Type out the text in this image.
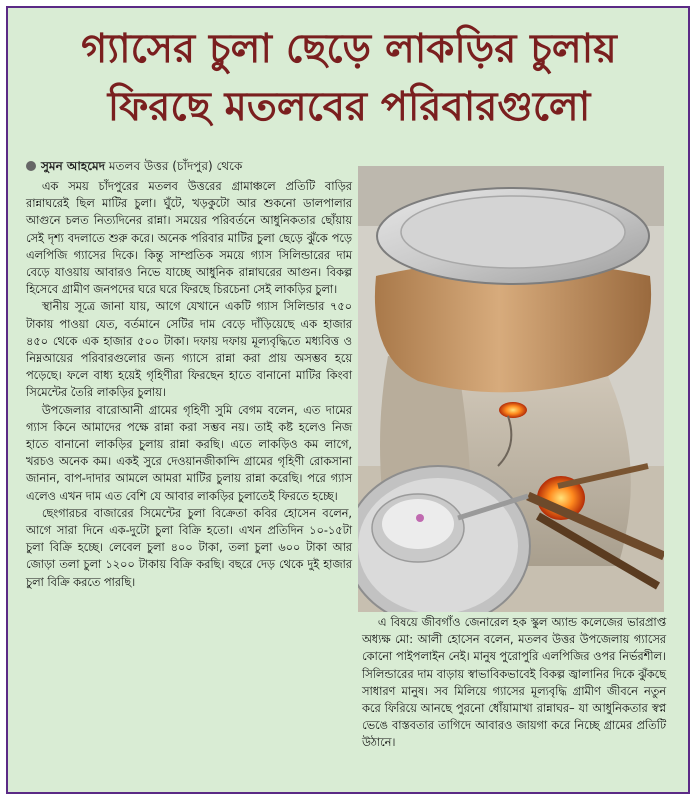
গ্যাসের চুলা ছেড়ে লাকড়ির চুলায়
ফিরছে মতলবের পরিবারগুলো
সুমন আহমেদ মতলব উত্তর (চাঁদপুর) থেকে

এক সময় চাঁদপুরের মতলব উত্তরের গ্রামাঞ্চলে প্রতিটি বাড়ির রান্নাঘরেই ছিল মাটির চুলা। ঘুঁটে, খড়কুটো আর শুকনো ডালপালার আগুনে চলত নিত্যদিনের রান্না। সময়ের পরিবর্তনে আধুনিকতার ছোঁয়ায় সেই দৃশ্য বদলাতে শুরু করে। অনেক পরিবার মাটির চুলা ছেড়ে ঝুঁকে পড়ে এলপিজি গ্যাসের দিকে। কিন্তু সাম্প্রতিক সময়ে গ্যাস সিলিন্ডারের দাম বেড়ে যাওয়ায় আবারও নিভে যাচ্ছে আধুনিক রান্নাঘরের আগুন। বিকল্প হিসেবে গ্রামীণ জনপদের ঘরে ঘরে ফিরছে চিরচেনা সেই লাকড়ির চুলা।

স্থানীয় সূত্রে জানা যায়, আগে যেখানে একটি গ্যাস সিলিন্ডার ৭৫০ টাকায় পাওয়া যেত, বর্তমানে সেটির দাম বেড়ে দাঁড়িয়েছে এক হাজার ৪৫০ থেকে এক হাজার ৫০০ টাকা। দফায় দফায় মূল্যবৃদ্ধিতে মধ্যবিত্ত ও নিম্নআয়ের পরিবারগুলোর জন্য গ্যাসে রান্না করা প্রায় অসম্ভব হয়ে পড়েছে। ফলে বাধ্য হয়েই গৃহিণীরা ফিরছেন হাতে বানানো মাটির কিংবা সিমেন্টের তৈরি লাকড়ির চুলায়।

উপজেলার বারোআনী গ্রামের গৃহিণী সুমি বেগম বলেন, এত দামের গ্যাস কিনে আমাদের পক্ষে রান্না করা সম্ভব নয়। তাই কষ্ট হলেও নিজ হাতে বানানো লাকড়ির চুলায় রান্না করছি। এতে লাকড়িও কম লাগে, খরচও অনেক কম। একই সুরে দেওয়ানজীকান্দি গ্রামের গৃহিণী রোকসানা জানান, বাপ-দাদার আমলে আমরা মাটির চুলায় রান্না করেছি। পরে গ্যাস এলেও এখন দাম এত বেশি যে আবার লাকড়ির চুলাতেই ফিরতে হচ্ছে।

ছেংগারচর বাজারের সিমেন্টের চুলা বিক্রেতা কবির হোসেন বলেন, আগে সারা দিনে এক-দুটো চুলা বিক্রি হতো। এখন প্রতিদিন ১০-১৫টা চুলা বিক্রি হচ্ছে। লেবেল চুলা ৪০০ টাকা, তলা চুলা ৬০০ টাকা আর জোড়া তলা চুলা ১২০০ টাকায় বিক্রি করছি। বছরে দেড় থেকে দুই হাজার চুলা বিক্রি করতে পারছি।

এ বিষয়ে জীবগাঁও জেনারেল হক স্কুল অ্যান্ড কলেজের ভারপ্রাপ্ত অধ্যক্ষ মো: আলী হোসেন বলেন, মতলব উত্তর উপজেলায় গ্যাসের কোনো পাইপলাইন নেই। মানুষ পুরোপুরি এলপিজির ওপর নির্ভরশীল। সিলিন্ডারের দাম বাড়ায় স্বাভাবিকভাবেই বিকল্প জ্বালানির দিকে ঝুঁকছে সাধারণ মানুষ। সব মিলিয়ে গ্যাসের মূল্যবৃদ্ধি গ্রামীণ জীবনে নতুন করে ফিরিয়ে আনছে পুরনো ধোঁয়ামাখা রান্নাঘর– যা আধুনিকতার স্বপ্ন ভেঙে বাস্তবতার তাগিদে আবারও জায়গা করে নিচ্ছে গ্রামের প্রতিটি উঠানে।
